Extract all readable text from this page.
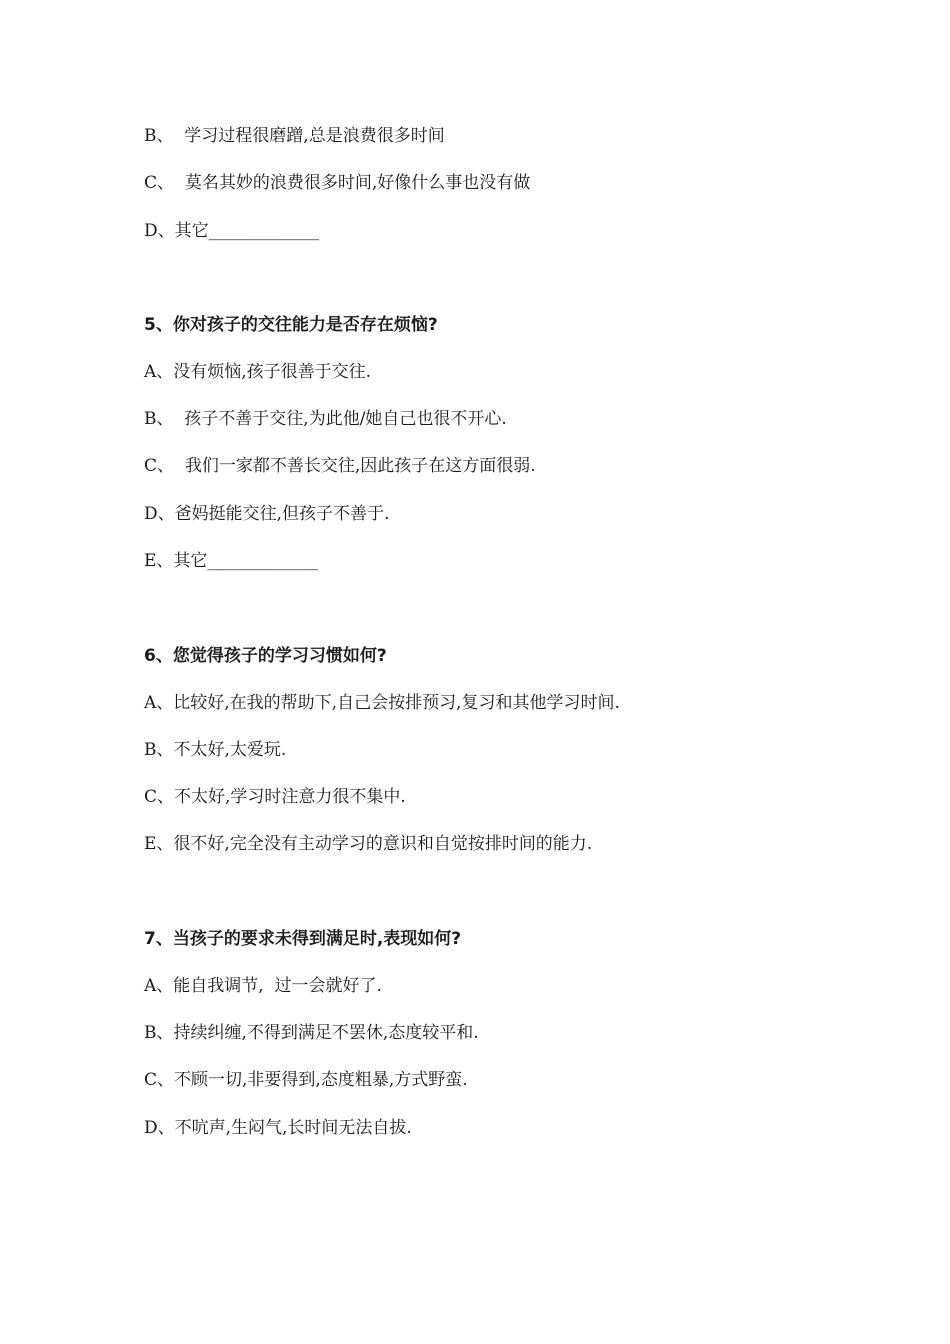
B、  学习过程很磨蹭,总是浪费很多时间
C、  莫名其妙的浪费很多时间,好像什么事也没有做
D、其它_____________
5、你对孩子的交往能力是否存在烦恼?
A、没有烦恼,孩子很善于交往.
B、  孩子不善于交往,为此他/她自己也很不开心.
C、  我们一家都不善长交往,因此孩子在这方面很弱.
D、爸妈挺能交往,但孩子不善于.
E、其它_____________
6、您觉得孩子的学习习惯如何?
A、比较好,在我的帮助下,自己会按排预习,复习和其他学习时间.
B、不太好,太爱玩.
C、不太好,学习时注意力很不集中.
E、很不好,完全没有主动学习的意识和自觉按排时间的能力.
7、当孩子的要求未得到满足时,表现如何?
A、能自我调节,  过一会就好了.
B、持续纠缠,不得到满足不罢休,态度较平和.
C、不顾一切,非要得到,态度粗暴,方式野蛮.
D、不吭声,生闷气,长时间无法自拔.
